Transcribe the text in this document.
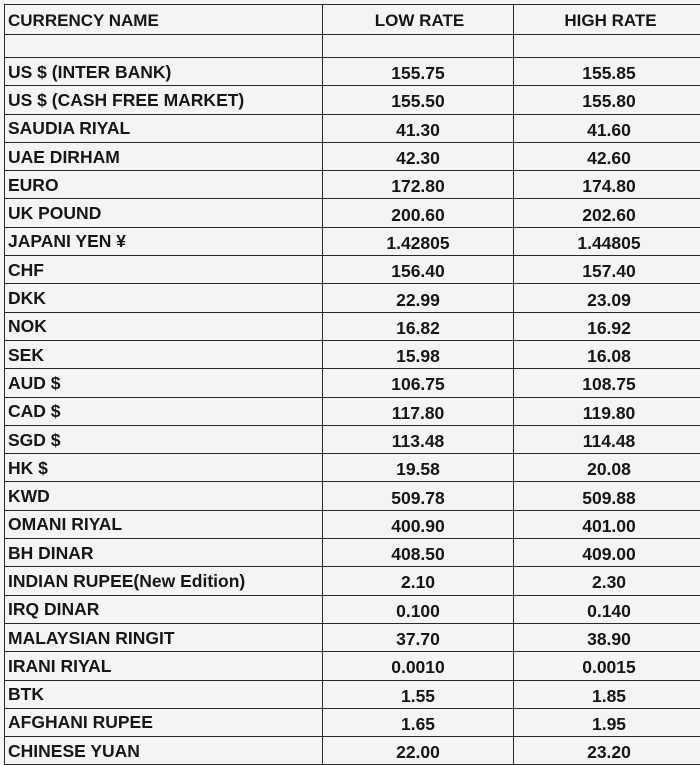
CURRENCY NAME	LOW RATE	HIGH RATE

US $ (INTER BANK)	155.75	155.85
US $ (CASH FREE MARKET)	155.50	155.80
SAUDIA RIYAL	41.30	41.60
UAE DIRHAM	42.30	42.60
EURO	172.80	174.80
UK POUND	200.60	202.60
JAPANI YEN ¥	1.42805	1.44805
CHF	156.40	157.40
DKK	22.99	23.09
NOK	16.82	16.92
SEK	15.98	16.08
AUD $	106.75	108.75
CAD $	117.80	119.80
SGD $	113.48	114.48
HK $	19.58	20.08
KWD	509.78	509.88
OMANI RIYAL	400.90	401.00
BH DINAR	408.50	409.00
INDIAN RUPEE(New Edition)	2.10	2.30
IRQ DINAR	0.100	0.140
MALAYSIAN RINGIT	37.70	38.90
IRANI RIYAL	0.0010	0.0015
BTK	1.55	1.85
AFGHANI RUPEE	1.65	1.95
CHINESE YUAN	22.00	23.20
